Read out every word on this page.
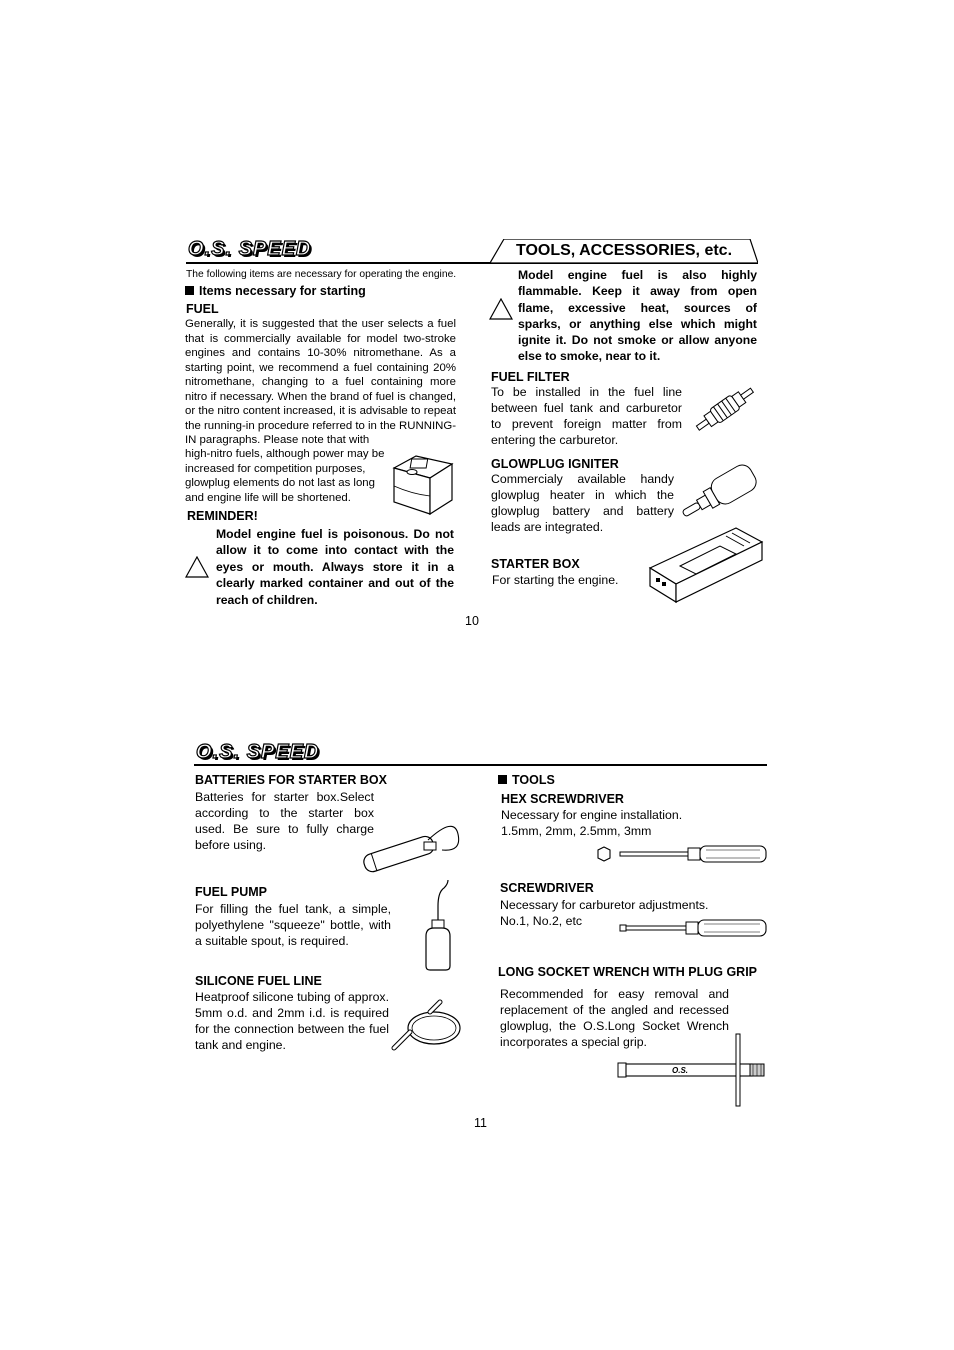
O.S. SPEED	TOOLS, ACCESSORIES, etc.
The following items are necessary for operating the engine.
Items necessary for starting
FUEL
Generally, it is suggested that the user selects a fuel that is commercially available for model two-stroke engines and contains 10-30% nitromethane. As a starting point, we recommend a fuel containing 20% nitromethane, changing to a fuel containing more nitro if necessary. When the brand of fuel is changed, or the nitro content increased, it is advisable to repeat the running-in procedure referred to in the RUNNING-IN paragraphs. Please note that with
high-nitro fuels, although power may be increased for competition purposes, glowplug elements do not last as long and engine life will be shortened.
REMINDER!
Model engine fuel is poisonous. Do not allow it to come into contact with the eyes or mouth. Always store it in a clearly marked container and out of the reach of children.
Model engine fuel is also highly flammable. Keep it away from open flame, excessive heat, sources of sparks, or anything else which might ignite it. Do not smoke or allow anyone else to smoke, near to it.
FUEL FILTER
To be installed in the fuel line between fuel tank and carburetor to prevent foreign matter from entering the carburetor.
GLOWPLUG IGNITER
Commercialy available handy glowplug heater in which the glowplug battery and battery leads are integrated.
STARTER BOX
For starting the engine.
10
O.S. SPEED
BATTERIES FOR STARTER BOX
Batteries for starter box.Select according to the starter box used. Be sure to fully charge before using.
FUEL PUMP
For filling the fuel tank, a simple, polyethylene "squeeze" bottle, with a suitable spout, is required.
SILICONE FUEL LINE
Heatproof silicone tubing of approx. 5mm o.d. and 2mm i.d. is required for the connection between the fuel tank and engine.
TOOLS
HEX SCREWDRIVER
Necessary for engine installation.
1.5mm, 2mm, 2.5mm, 3mm
SCREWDRIVER
Necessary for carburetor adjustments.
No.1, No.2, etc
LONG SOCKET WRENCH WITH PLUG GRIP
Recommended for easy removal and replacement of the angled and recessed glowplug, the O.S.Long Socket Wrench incorporates a special grip.
O.S.
11
